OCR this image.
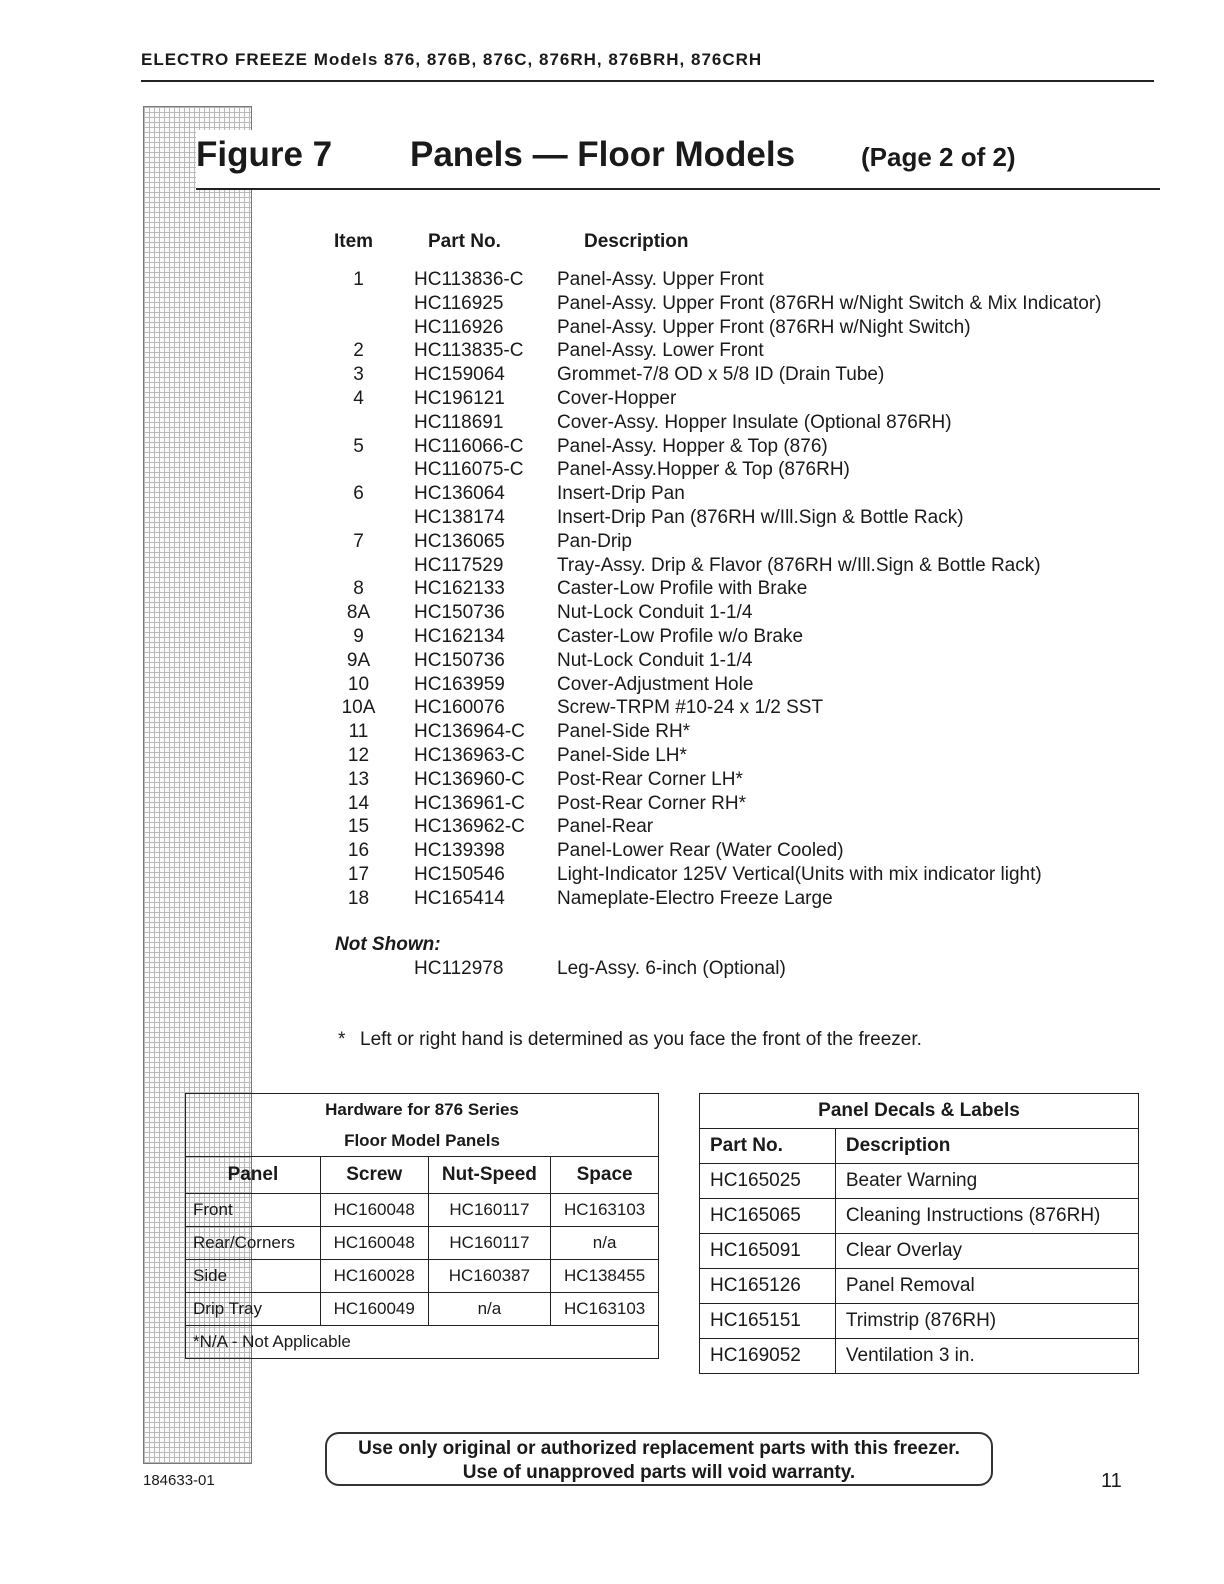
ELECTRO FREEZE Models 876, 876B, 876C, 876RH, 876BRH, 876CRH
Figure 7 Panels — Floor Models	(Page 2 of 2)
Item	Part No.	Description
1	HC113836-C Panel-Assy. Upper Front
HC116925	Panel-Assy. Upper Front (876RH w/Night Switch & Mix Indicator)
HC116926	Panel-Assy. Upper Front (876RH w/Night Switch)
2	HC113835-C Panel-Assy. Lower Front
3	HC159064	Grommet-7/8 OD x 5/8 ID (Drain Tube)
4	HC196121	Cover-Hopper
HC118691	Cover-Assy. Hopper Insulate (Optional 876RH)
5	HC116066-C Panel-Assy. Hopper & Top (876)
HC116075-C Panel-Assy.Hopper & Top (876RH)
6	HC136064	Insert-Drip Pan
HC138174	Insert-Drip Pan (876RH w/Ill.Sign & Bottle Rack)
7	HC136065	Pan-Drip
HC117529	Tray-Assy. Drip & Flavor (876RH w/Ill.Sign & Bottle Rack)
8	HC162133	Caster-Low Profile with Brake
8A	HC150736	Nut-Lock Conduit 1-1/4
9	HC162134	Caster-Low Profile w/o Brake
9A	HC150736	Nut-Lock Conduit 1-1/4
10	HC163959	Cover-Adjustment Hole
10A	HC160076	Screw-TRPM #10-24 x 1/2 SST
11	HC136964-C Panel-Side RH*
12	HC136963-C Panel-Side LH*
13	HC136960-C Post-Rear Corner LH*
14	HC136961-C Post-Rear Corner RH*
15	HC136962-C Panel-Rear
16	HC139398	Panel-Lower Rear (Water Cooled)
17	HC150546	Light-Indicator 125V Vertical(Units with mix indicator light)
18	HC165414	Nameplate-Electro Freeze Large
Not Shown:
HC112978	Leg-Assy. 6-inch (Optional)
* Left or right hand is determined as you face the front of the freezer.
Hardware for 876 Series
Floor Model Panels			

Panel	Screw	Nut-Speed	Space
Front	HC160048	HC160117	HC163103
Rear/Corners	HC160048	HC160117	n/a
Side	HC160028	HC160387	HC138455
Drip Tray	HC160049	n/a	HC163103
*N/A - Not Applicable			
Panel Decals & Labels	
Part No.	Description
HC165025	Beater Warning
HC165065	Cleaning Instructions (876RH)
HC165091	Clear Overlay
HC165126	Panel Removal
HC165151	Trimstrip (876RH)
HC169052	Ventilation 3 in.
Use only original or authorized replacement parts with this freezer.
Use of unapproved parts will void warranty.
184633-01	11
